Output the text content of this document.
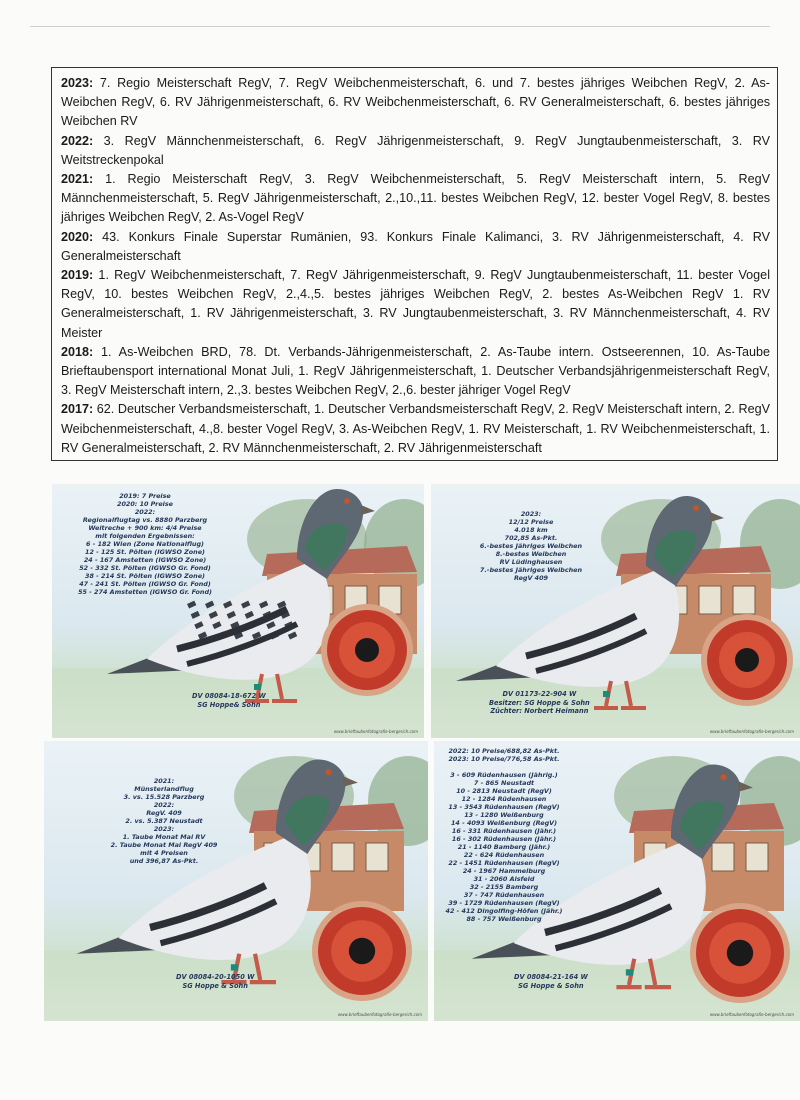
2023: 7. Regio Meisterschaft RegV, 7. RegV Weibchenmeisterschaft, 6. und 7. bestes jähriges Weibchen RegV, 2. As-Weibchen RegV, 6. RV Jährigenmeisterschaft, 6. RV Weibchenmeisterschaft, 6. RV Generalmeisterschaft, 6. bestes jähriges Weibchen RV

2022: 3. RegV Männchenmeisterschaft, 6. RegV Jährigenmeisterschaft, 9. RegV Jungtaubenmeisterschaft, 3. RV Weitstreckenpokal

2021: 1. Regio Meisterschaft RegV, 3. RegV Weibchenmeisterschaft, 5. RegV Meisterschaft intern, 5. RegV Männchenmeisterschaft, 5. RegV Jährigenmeisterschaft, 2.,10.,11. bestes Weibchen RegV, 12. bester Vogel RegV, 8. bestes jähriges Weibchen RegV, 2. As-Vogel RegV

2020: 43. Konkurs Finale Superstar Rumänien, 93. Konkurs Finale Kalimanci, 3. RV Jährigenmeisterschaft, 4. RV Generalmeisterschaft

2019: 1. RegV Weibchenmeisterschaft, 7. RegV Jährigenmeisterschaft, 9. RegV Jungtaubenmeisterschaft, 11. bester Vogel RegV, 10. bestes Weibchen RegV, 2.,4.,5. bestes jähriges Weibchen RegV, 2. bestes As-Weibchen RegV 1. RV Generalmeisterschaft, 1. RV Jährigenmeisterschaft, 3. RV Jungtaubenmeisterschaft, 3. RV Männchenmeisterschaft, 4. RV Meister

2018: 1. As-Weibchen BRD, 78. Dt. Verbands-Jährigenmeisterschaft, 2. As-Taube intern. Ostseerennen, 10. As-Taube Brieftaubensport international Monat Juli, 1. RegV Jährigenmeisterschaft, 1. Deutscher Verbandsjährigenmeisterschaft RegV, 3. RegV Meisterschaft intern, 2.,3. bestes Weibchen RegV, 2.,6. bester jähriger Vogel RegV

2017: 62. Deutscher Verbandsmeisterschaft, 1. Deutscher Verbandsmeisterschaft RegV, 2. RegV Meisterschaft intern, 2. RegV Weibchenmeisterschaft, 4.,8. bester Vogel RegV, 3. As-Weibchen RegV, 1. RV Meisterschaft, 1. RV Weibchenmeisterschaft, 1. RV Generalmeisterschaft, 2. RV Männchenmeisterschaft, 2. RV Jährigenmeisterschaft

2019: 7 Preise
2020: 10 Preise
2022:
Regionalflugtag vs. 8880 Parzberg
Weitreche + 900 km: 4/4 Preise
mit folgenden Ergebnissen:
6 - 182 Wien (Zone Nationalflug)
12 - 125 St. Pölten (IGWSO Zone)
24 - 167 Amstetten (IGWSO Zone)
52 - 332 St. Pölten (IGWSO Gr. Fond)
38 - 214 St. Pölten (IGWSO Zone)
47 - 241 St. Pölten (IGWSO Gr. Fond)
55 - 274 Amstetten (IGWSO Gr. Fond)
DV 08084-18-672 W
SG Hoppe& Sohn
www.brieftaubenfotografie-bergerich.com
2023:
12/12 Preise
4.018 km
702,85 As-Pkt.
6.-bestes Jähriges Weibchen
8.-bestes Weibchen
RV Lüdinghausen
7.-bestes Jähriges Weibchen
RegV 409
DV 01173-22-904 W
Besitzer: SG Hoppe & Sohn
Züchter: Norbert Heimann
www.brieftaubenfotografie-bergerich.com
2021:
Münsterlandflug
3. vs. 15.528 Parzberg
2022:
RegV. 409
2. vs. 5.387 Neustadt
2023:
1. Taube Monat Mai RV
2. Taube Monat Mai RegV 409
mit 4 Preisen
und 396,87 As-Pkt.
DV 08084-20-1050 W
SG Hoppe & Sohn
www.brieftaubenfotografie-bergerich.com
2022: 10 Preise/688,82 As-Pkt.
2023: 10 Preise/776,58 As-Pkt.

3 - 609 Rüdenhausen (Jährig.)
7 - 865 Neustadt
10 - 2813 Neustadt (RegV)
12 - 1284 Rüdenhausen
13 - 3543 Rüdenhausen (RegV)
13 - 1280 Weißenburg
14 - 4093 Weißenburg (RegV)
16 - 331 Rüdenhausen (Jähr.)
16 - 302 Rüdenhausen (Jähr.)
21 - 1140 Bamberg (Jähr.)
22 - 624 Rüdenhausen
22 - 1451 Rüdenhausen (RegV)
24 - 1967 Hammelburg
31 - 2060 Alsfeld
32 - 2155 Bamberg
37 - 747 Rüdenhausen
39 - 1729 Rüdenhausen (RegV)
42 - 412 Dingolfing-Höfen (Jähr.)
88 - 757 Weißenburg
DV 08084-21-164 W
SG Hoppe & Sohn
www.brieftaubenfotografie-bergerich.com
